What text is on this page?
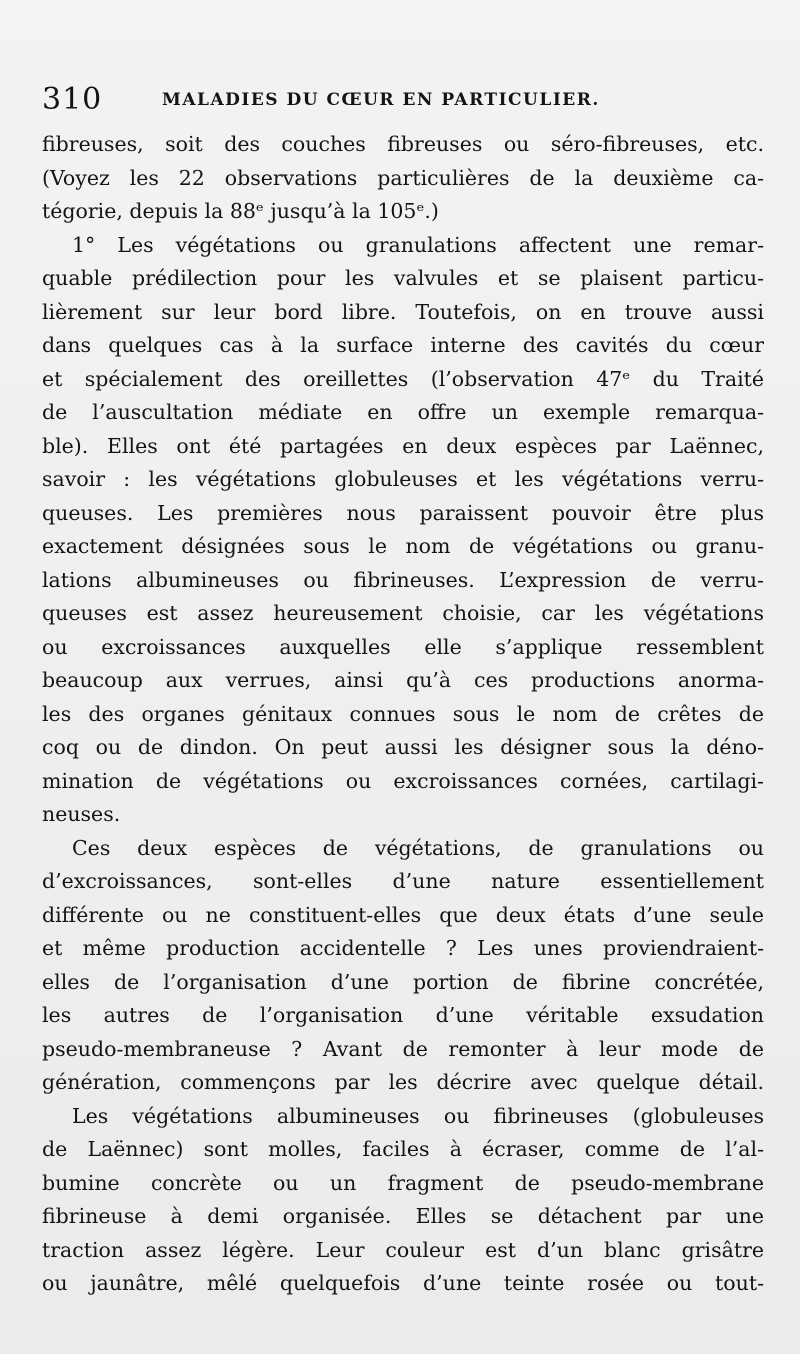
310	MALADIES DU CŒUR EN PARTICULIER.
fibreuses, soit des couches fibreuses ou séro-fibreuses, etc.
(Voyez les 22 observations particulières de la deuxième ca-
tégorie, depuis la 88ᵉ jusqu’à la 105ᵉ.)
1° Les végétations ou granulations affectent une remar-
quable prédilection pour les valvules et se plaisent particu-
lièrement sur leur bord libre. Toutefois, on en trouve aussi
dans quelques cas à la surface interne des cavités du cœur
et spécialement des oreillettes (l’observation 47ᵉ du Traité
de l’auscultation médiate en offre un exemple remarqua-
ble). Elles ont été partagées en deux espèces par Laënnec,
savoir : les végétations globuleuses et les végétations verru-
queuses. Les premières nous paraissent pouvoir être plus
exactement désignées sous le nom de végétations ou granu-
lations albumineuses ou fibrineuses. L’expression de verru-
queuses est assez heureusement choisie, car les végétations
ou excroissances auxquelles elle s’applique ressemblent
beaucoup aux verrues, ainsi qu’à ces productions anorma-
les des organes génitaux connues sous le nom de crêtes de
coq ou de dindon. On peut aussi les désigner sous la déno-
mination de végétations ou excroissances cornées, cartilagi-
neuses.
Ces deux espèces de végétations, de granulations ou
d’excroissances, sont-elles d’une nature essentiellement
différente ou ne constituent-elles que deux états d’une seule
et même production accidentelle ? Les unes proviendraient-
elles de l’organisation d’une portion de fibrine concrétée,
les autres de l’organisation d’une véritable exsudation
pseudo-membraneuse ? Avant de remonter à leur mode de
génération, commençons par les décrire avec quelque détail.
Les végétations albumineuses ou fibrineuses (globuleuses
de Laënnec) sont molles, faciles à écraser, comme de l’al-
bumine concrète ou un fragment de pseudo-membrane
fibrineuse à demi organisée. Elles se détachent par une
traction assez légère. Leur couleur est d’un blanc grisâtre
ou jaunâtre, mêlé quelquefois d’une teinte rosée ou tout-
